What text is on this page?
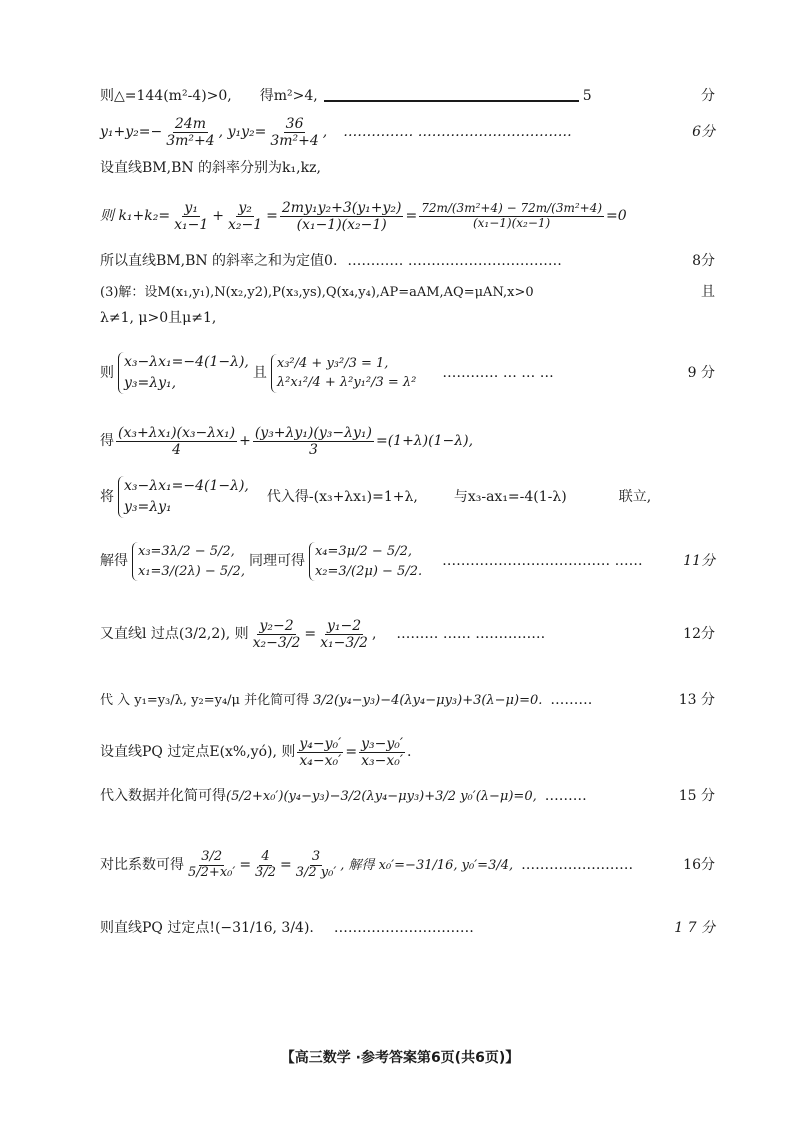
则△=144(m²-4)>0, 得m²>4,	5	分
$y_1+y_2=- \frac{24m}{\text{3m²+4}}$ , $y_1y_2= \frac{36}{\text{3m²+4}}$ , …………… ……………………………	6分
设直线BM,BN 的斜率分别为k₁,kz,
则 $k_1+k_2= \frac{\text{y₁}}{\text{x₁−1}} + \frac{\text{y₂}}{\text{x₂−1}} = \frac{\text{2my₁y₂+3(y₁+y₂)}}{\text{(x₁−1)(x₂−1)}} = \frac{\text{72m/(3m²+4) − 72m/(3m²+4)}}{\text{(x₁−1)(x₂−1)}} =0$
所以直线BM,BN 的斜率之和为定值0. ………… ……………………………	8分
(3)解：设M(x₁,y₁),N(x₂,y2),P(x₃,ys),Q(x₄,y₄),AP=aAM,AQ=μAN,x>0	且
λ≠1, μ>0且μ≠1,
则
x₃−λx₁=−4(1−λ),
y₃=λy₁,
且
x₃²/4 + y₃²/3 = 1,
λ²x₁²/4 + λ²y₁²/3 = λ²
………… … … …	9 分
得 $\frac{\text{(x₃+λx₁)(x₃−λx₁)}}{4} + \frac{\text{(y₃+λy₁)(y₃−λy₁)}}{3} =(1+\lambda)(1-\lambda)$,
将
x₃−λx₁=−4(1−λ),
y₃=λy₁
代入得-(x₃+λx₁)=1+λ,	与x₃-ax₁=-4(1-λ)	联立,
解得
x₃=3λ/2 − 5/2,
x₁=3/(2λ) − 5/2,
同理可得
x₄=3μ/2 − 5/2,
x₂=3/(2μ) − 5/2.
……………………………… ……	11分
又直线l 过点(3/2,2), 则 $\frac{\text{y₂−2}}{\text{x₂−3/2}} = \frac{\text{y₁−2}}{\text{x₁−3/2}}$ , ……… …… ……………	12分
代 入 y₁=y₃/λ, y₂=y₄/μ 并化简可得 3/2(y₄−y₃)−4(λy₄−μy₃)+3(λ−μ)=0. ………	13 分
设直线PQ 过定点E(x%,yó), 则 $\frac{\text{y₄−y₀′}}{\text{x₄−x₀′}} = \frac{\text{y₃−y₀′}}{\text{x₃−x₀′}}$ .
代入数据并化简可得 (5/2+x₀′)(y₄−y₃)−3/2(λy₄−μy₃)+3/2 y₀′(λ−μ)=0, ………	15 分
对比系数可得 $\frac{3/2}{\text{5/2+x₀′}} = \frac{4}{3/2} = \frac{3}{\text{3/2 y₀′}}$ , 解得 x₀′=−31/16, y₀′=3/4, ……………………	16分
则直线PQ 过定点!(−31/16, 3/4). …………………………	1 7 分
【高三数学 ·参考答案第6页(共6页)】
